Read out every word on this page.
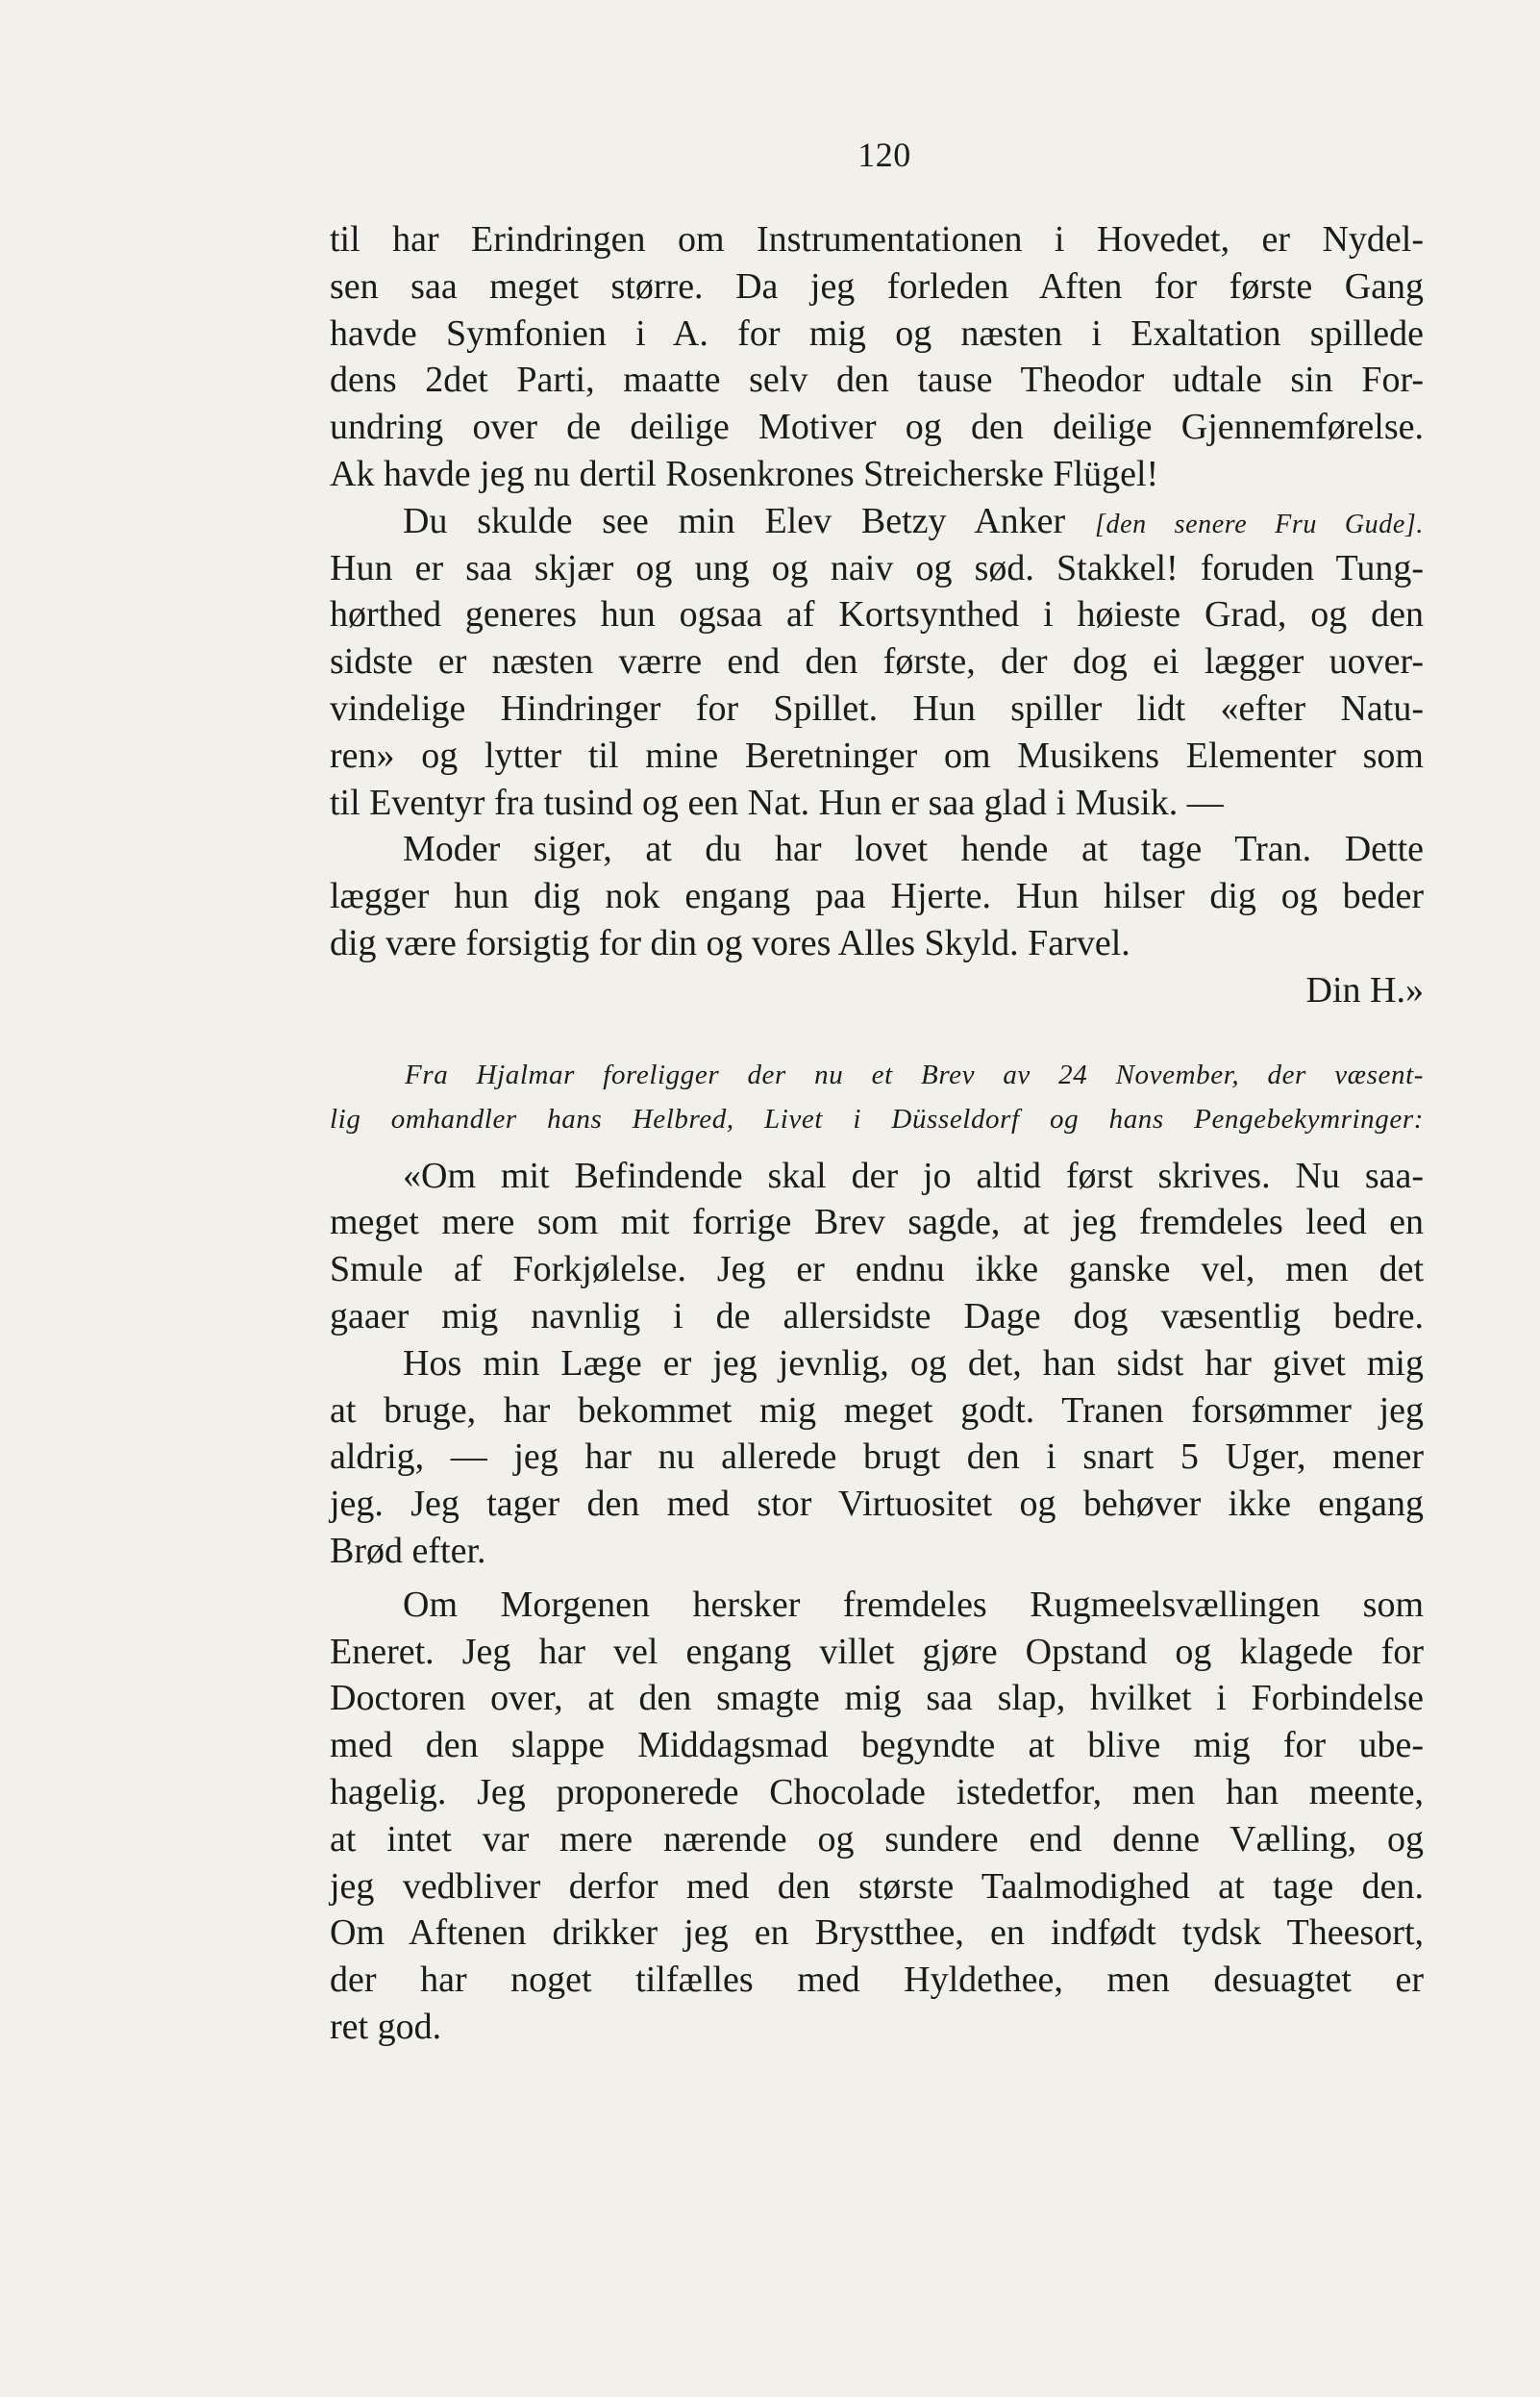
120
til har Erindringen om Instrumentationen i Hovedet, er Nydel-
sen saa meget større. Da jeg forleden Aften for første Gang
havde Symfonien i A. for mig og næsten i Exaltation spillede
dens 2det Parti, maatte selv den tause Theodor udtale sin For-
undring over de deilige Motiver og den deilige Gjennemførelse.
Ak havde jeg nu dertil Rosenkrones Streicherske Flügel!
Du skulde see min Elev Betzy Anker [den senere Fru Gude].
Hun er saa skjær og ung og naiv og sød. Stakkel! foruden Tung-
hørthed generes hun ogsaa af Kortsynthed i høieste Grad, og den
sidste er næsten værre end den første, der dog ei lægger uover-
vindelige Hindringer for Spillet. Hun spiller lidt «efter Natu-
ren» og lytter til mine Beretninger om Musikens Elementer som
til Eventyr fra tusind og een Nat. Hun er saa glad i Musik. —
Moder siger, at du har lovet hende at tage Tran. Dette
lægger hun dig nok engang paa Hjerte. Hun hilser dig og beder
dig være forsigtig for din og vores Alles Skyld. Farvel.
Din H.»
Fra Hjalmar foreligger der nu et Brev av 24 November, der væsent-
lig omhandler hans Helbred, Livet i Düsseldorf og hans Pengebekymringer:
«Om mit Befindende skal der jo altid først skrives. Nu saa-
meget mere som mit forrige Brev sagde, at jeg fremdeles leed en
Smule af Forkjølelse. Jeg er endnu ikke ganske vel, men det
gaaer mig navnlig i de allersidste Dage dog væsentlig bedre.
Hos min Læge er jeg jevnlig, og det, han sidst har givet mig
at bruge, har bekommet mig meget godt. Tranen forsømmer jeg
aldrig, — jeg har nu allerede brugt den i snart 5 Uger, mener
jeg. Jeg tager den med stor Virtuositet og behøver ikke engang
Brød efter.
Om Morgenen hersker fremdeles Rugmeelsvællingen som
Eneret. Jeg har vel engang villet gjøre Opstand og klagede for
Doctoren over, at den smagte mig saa slap, hvilket i Forbindelse
med den slappe Middagsmad begyndte at blive mig for ube-
hagelig. Jeg proponerede Chocolade istedetfor, men han meente,
at intet var mere nærende og sundere end denne Vælling, og
jeg vedbliver derfor med den største Taalmodighed at tage den.
Om Aftenen drikker jeg en Brystthee, en indfødt tydsk Theesort,
der har noget tilfælles med Hyldethee, men desuagtet er
ret god.
